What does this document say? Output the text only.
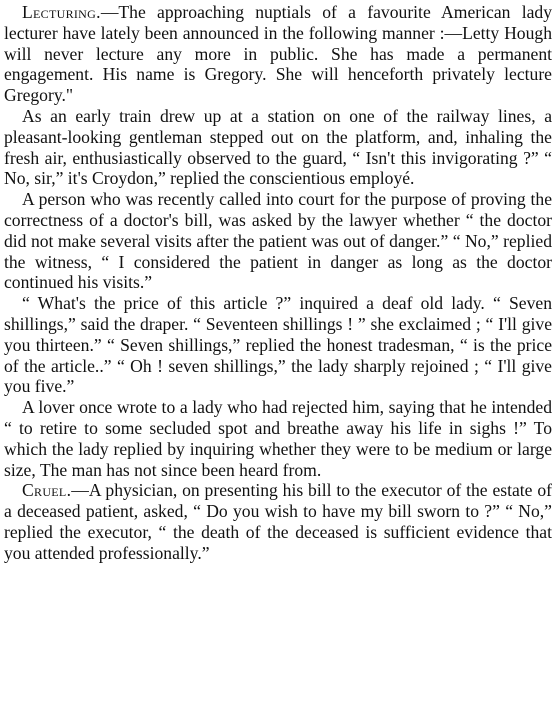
Lecturing.—The approaching nuptials of a favourite American lady lecturer have lately been announced in the following manner :—Letty Hough will never lecture any more in public. She has made a permanent engagement. His name is Gregory. She will henceforth privately lecture Gregory."

As an early train drew up at a station on one of the railway lines, a pleasant-looking gentleman stepped out on the platform, and, inhaling the fresh air, enthusiastically observed to the guard, “ Isn't this invigorating ?” “ No, sir,” it's Croydon,” replied the conscientious employé.

A person who was recently called into court for the purpose of proving the correctness of a doctor's bill, was asked by the lawyer whether “ the doctor did not make several visits after the patient was out of danger.” “ No,” replied the witness, “ I considered the patient in danger as long as the doctor continued his visits.”

“ What's the price of this article ?” inquired a deaf old lady. “ Seven shillings,” said the draper. “ Seventeen shillings ! ” she exclaimed ; “ I'll give you thirteen.” “ Seven shillings,” replied the honest tradesman, “ is the price of the article..” “ Oh ! seven shillings,” the lady sharply rejoined ; “ I'll give you five.”

A lover once wrote to a lady who had rejected him, saying that he intended “ to retire to some secluded spot and breathe away his life in sighs !” To which the lady replied by inquiring whether they were to be medium or large size, The man has not since been heard from.

Cruel.—A physician, on presenting his bill to the executor of the estate of a deceased patient, asked, “ Do you wish to have my bill sworn to ?” “ No,” replied the executor, “ the death of the deceased is sufficient evidence that you attended professionally.”
